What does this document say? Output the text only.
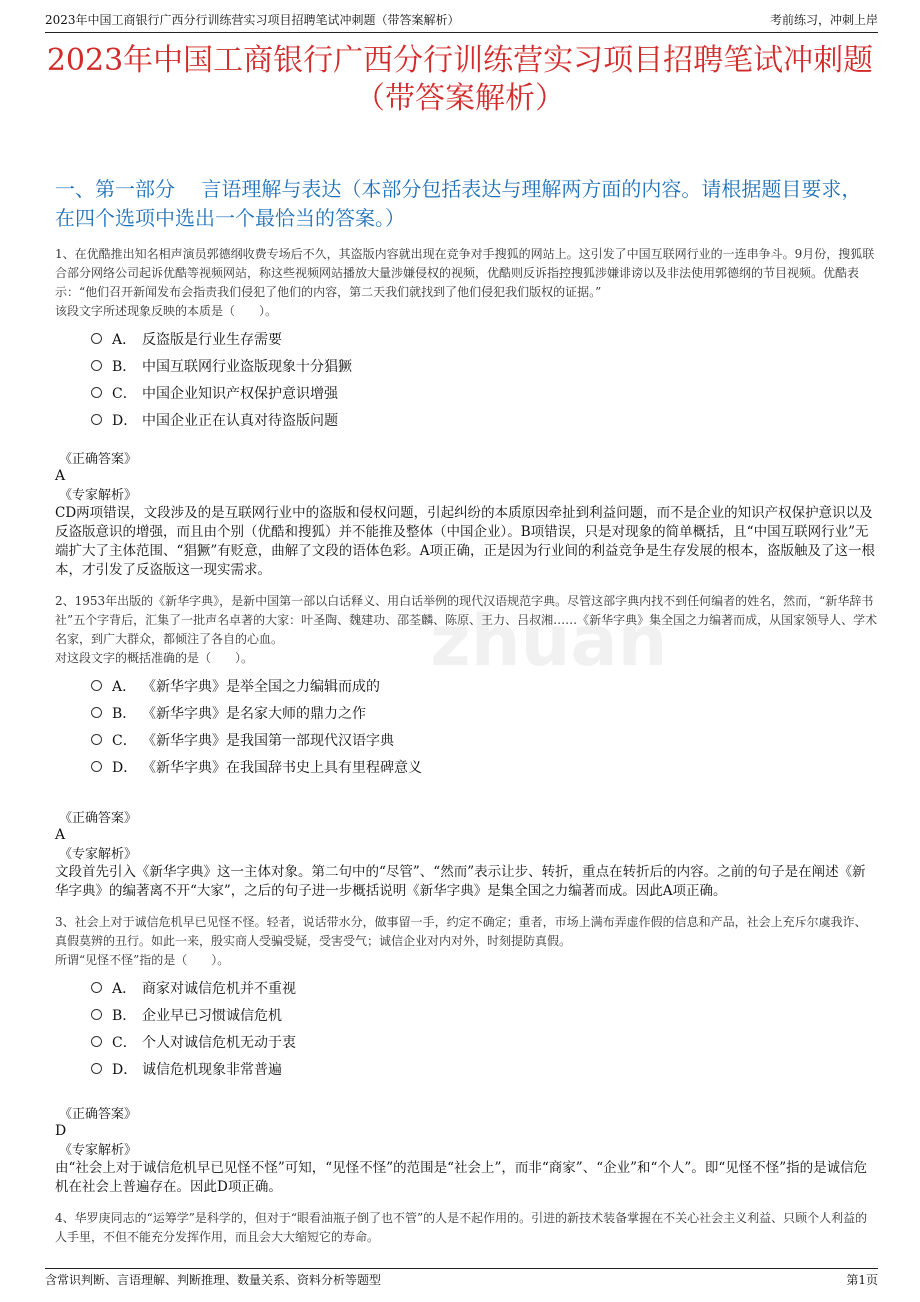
2023年中国工商银行广西分行训练营实习项目招聘笔试冲刺题（带答案解析）	考前练习，冲刺上岸
2023年中国工商银行广西分行训练营实习项目招聘笔试冲刺题
（带答案解析）
一、第一部分　 言语理解与表达（本部分包括表达与理解两方面的内容。请根据题目要求，在四个选项中选出一个最恰当的答案。）
zhuan
1、在优酷推出知名相声演员郭德纲收费专场后不久，其盗版内容就出现在竞争对手搜狐的网站上。这引发了中国互联网行业的一连串争斗。9月份，搜狐联合部分网络公司起诉优酷等视频网站，称这些视频网站播放大量涉嫌侵权的视频，优酷则反诉指控搜狐涉嫌诽谤以及非法使用郭德纲的节目视频。优酷表示：“他们召开新闻发布会指责我们侵犯了他们的内容，第二天我们就找到了他们侵犯我们版权的证据。”
该段文字所述现象反映的本质是（　　）。
A． 反盗版是行业生存需要
B． 中国互联网行业盗版现象十分猖獗
C． 中国企业知识产权保护意识增强
D． 中国企业正在认真对待盗版问题
《正确答案》
A
《专家解析》
CD两项错误，文段涉及的是互联网行业中的盗版和侵权问题，引起纠纷的本质原因牵扯到利益问题，而不是企业的知识产权保护意识以及反盗版意识的增强，而且由个别（优酷和搜狐）并不能推及整体（中国企业）。B项错误，只是对现象的简单概括，且“中国互联网行业”无端扩大了主体范围、“猖獗”有贬意，曲解了文段的语体色彩。A项正确，正是因为行业间的利益竞争是生存发展的根本，盗版触及了这一根本，才引发了反盗版这一现实需求。
2、1953年出版的《新华字典》，是新中国第一部以白话释义、用白话举例的现代汉语规范字典。尽管这部字典内找不到任何编者的姓名，然而，“新华辞书社”五个字背后，汇集了一批声名卓著的大家：叶圣陶、魏建功、邵荃麟、陈原、王力、吕叔湘……《新华字典》集全国之力编著而成，从国家领导人、学术名家，到广大群众，都倾注了各自的心血。
对这段文字的概括准确的是（　　）。
A． 《新华字典》是举全国之力编辑而成的
B． 《新华字典》是名家大师的鼎力之作
C． 《新华字典》是我国第一部现代汉语字典
D． 《新华字典》在我国辞书史上具有里程碑意义
《正确答案》
A
《专家解析》
文段首先引入《新华字典》这一主体对象。第二句中的“尽管”、“然而”表示让步、转折，重点在转折后的内容。之前的句子是在阐述《新华字典》的编著离不开“大家”，之后的句子进一步概括说明《新华字典》是集全国之力编著而成。因此A项正确。
3、社会上对于诚信危机早已见怪不怪。轻者，说话带水分，做事留一手，约定不确定；重者，市场上满布弄虚作假的信息和产品，社会上充斥尔虞我诈、真假莫辨的丑行。如此一来，殷实商人受骗受疑，受害受气；诚信企业对内对外，时刻提防真假。
所谓“见怪不怪”指的是（　　）。
A． 商家对诚信危机并不重视
B． 企业早已习惯诚信危机
C． 个人对诚信危机无动于衷
D． 诚信危机现象非常普遍
《正确答案》
D
《专家解析》
由“社会上对于诚信危机早已见怪不怪”可知，“见怪不怪”的范围是“社会上”，而非“商家”、“企业”和“个人”。即“见怪不怪”指的是诚信危机在社会上普遍存在。因此D项正确。
4、华罗庚同志的“运筹学”是科学的，但对于“眼看油瓶子倒了也不管”的人是不起作用的。引进的新技术装备掌握在不关心社会主义利益、只顾个人利益的人手里，不但不能充分发挥作用，而且会大大缩短它的寿命。
含常识判断、言语理解、判断推理、数量关系、资料分析等题型	第1页
